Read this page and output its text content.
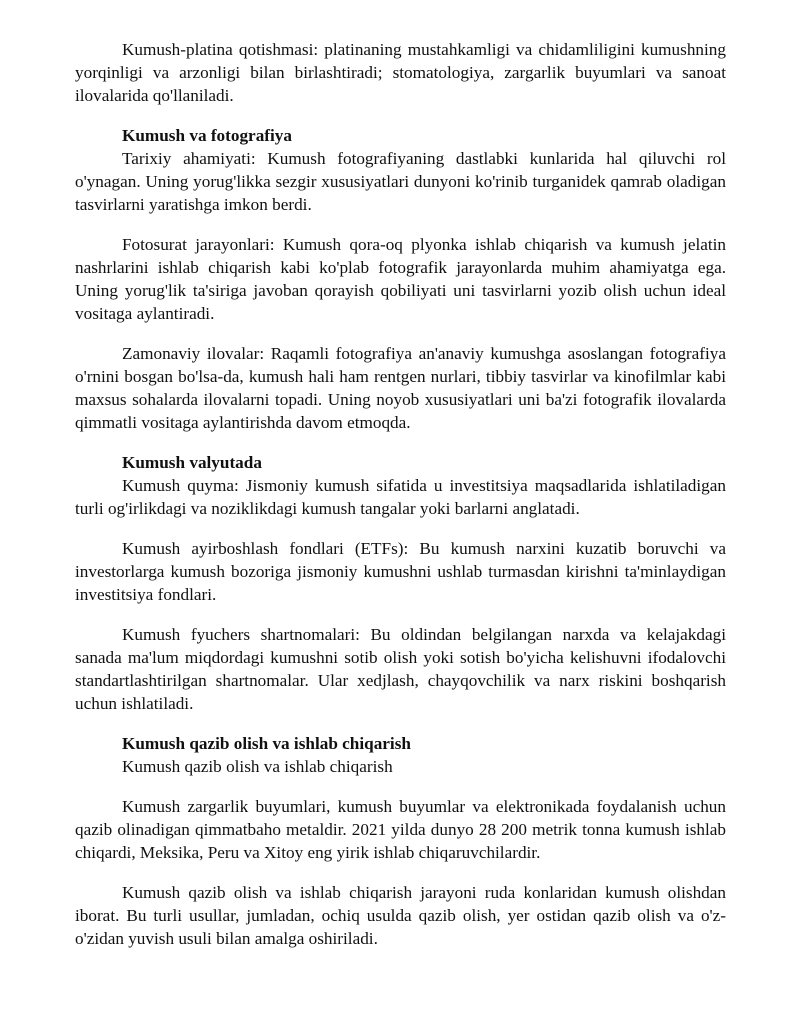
Kumush-platina qotishmasi: platinaning mustahkamligi va chidamliligini kumushning yorqinligi va arzonligi bilan birlashtiradi; stomatologiya, zargarlik buyumlari va sanoat ilovalarida qo'llaniladi.

Kumush va fotografiya

Tarixiy ahamiyati: Kumush fotografiyaning dastlabki kunlarida hal qiluvchi rol o'ynagan. Uning yorug'likka sezgir xususiyatlari dunyoni ko'rinib turganidek qamrab oladigan tasvirlarni yaratishga imkon berdi.

Fotosurat jarayonlari: Kumush qora-oq plyonka ishlab chiqarish va kumush jelatin nashrlarini ishlab chiqarish kabi ko'plab fotografik jarayonlarda muhim ahamiyatga ega. Uning yorug'lik ta'siriga javoban qorayish qobiliyati uni tasvirlarni yozib olish uchun ideal vositaga aylantiradi.

Zamonaviy ilovalar: Raqamli fotografiya an'anaviy kumushga asoslangan fotografiya o'rnini bosgan bo'lsa-da, kumush hali ham rentgen nurlari, tibbiy tasvirlar va kinofilmlar kabi maxsus sohalarda ilovalarni topadi. Uning noyob xususiyatlari uni ba'zi fotografik ilovalarda qimmatli vositaga aylantirishda davom etmoqda.

Kumush valyutada

Kumush quyma: Jismoniy kumush sifatida u investitsiya maqsadlarida ishlatiladigan turli og'irlikdagi va noziklikdagi kumush tangalar yoki barlarni anglatadi.

Kumush ayirboshlash fondlari (ETFs): Bu kumush narxini kuzatib boruvchi va investorlarga kumush bozoriga jismoniy kumushni ushlab turmasdan kirishni ta'minlaydigan investitsiya fondlari.

Kumush fyuchers shartnomalari: Bu oldindan belgilangan narxda va kelajakdagi sanada ma'lum miqdordagi kumushni sotib olish yoki sotish bo'yicha kelishuvni ifodalovchi standartlashtirilgan shartnomalar. Ular xedjlash, chayqovchilik va narx riskini boshqarish uchun ishlatiladi.

Kumush qazib olish va ishlab chiqarish

Kumush qazib olish va ishlab chiqarish

Kumush zargarlik buyumlari, kumush buyumlar va elektronikada foydalanish uchun qazib olinadigan qimmatbaho metaldir. 2021 yilda dunyo 28 200 metrik tonna kumush ishlab chiqardi, Meksika, Peru va Xitoy eng yirik ishlab chiqaruvchilardir.

Kumush qazib olish va ishlab chiqarish jarayoni ruda konlaridan kumush olishdan iborat. Bu turli usullar, jumladan, ochiq usulda qazib olish, yer ostidan qazib olish va o'z-o'zidan yuvish usuli bilan amalga oshiriladi.
